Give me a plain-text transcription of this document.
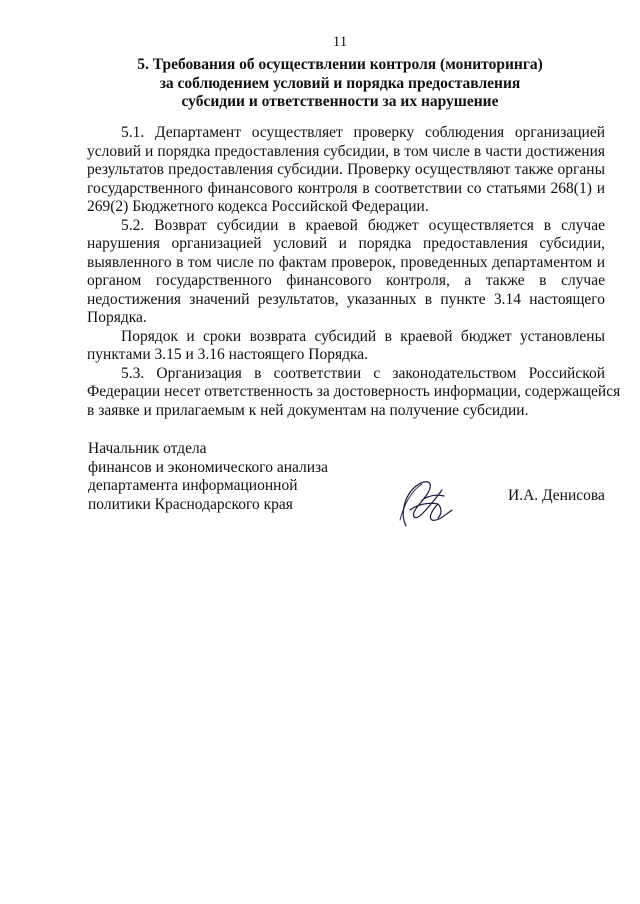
11
5. Требования об осуществлении контроля (мониторинга)
за соблюдением условий и порядка предоставления
субсидии и ответственности за их нарушение

5.1. Департамент осуществляет проверку соблюдения организацией
условий и порядка предоставления субсидии, в том числе в части достижения
результатов предоставления субсидии. Проверку осуществляют также органы
государственного финансового контроля в соответствии со статьями 268(1) и
269(2) Бюджетного кодекса Российской Федерации.

5.2. Возврат субсидии в краевой бюджет осуществляется в случае
нарушения организацией условий и порядка предоставления субсидии,
выявленного в том числе по фактам проверок, проведенных департаментом и
органом государственного финансового контроля, а также в случае
недостижения значений результатов, указанных в пункте 3.14 настоящего
Порядка.

Порядок и сроки возврата субсидий в краевой бюджет установлены
пунктами 3.15 и 3.16 настоящего Порядка.

5.3. Организация в соответствии с законодательством Российской
Федерации несет ответственность за достоверность информации, содержащейся
в заявке и прилагаемым к ней документам на получение субсидии.

Начальник отдела
финансов и экономического анализа
департамента информационной
политики Краснодарского края	И.А. Денисова
